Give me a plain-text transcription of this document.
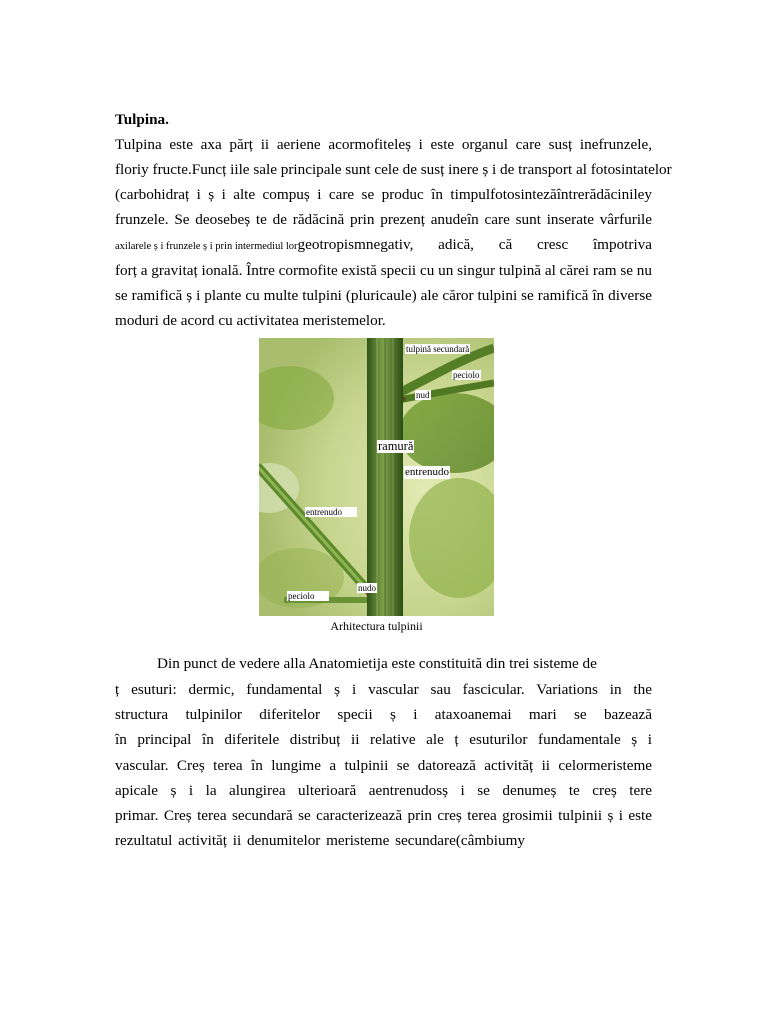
Tulpina.
Tulpina este axa părț ii aeriene acormofiteleș i este organul care susț inefrunzele,
floriy fructe.Funcț iile sale principale sunt cele de susț inere ș i de transport al fotosintatelor
(carbohidraț i ș i alte compuș i care se produc în timpulfotosintezăîntrerădăciniley
frunzele. Se deosebeș te de rădăcină prin prezenț anudeîn care sunt inserate vârfurile
axilarele ș i frunzele ș i prin intermediul lor geotropismnegativ, adică, că cresc împotriva
forț a gravitaț ională. Între cormofite există specii cu un singur tulpină al cărei ram se nu
se ramifică ș i plante cu multe tulpini (pluricaule) ale căror tulpini se ramifică în diverse
moduri de acord cu activitatea meristemelor.
tulpină secundară
peciolo
nud
ramură
entrenudo
entrenudo
nudo
peciolo
Arhitectura tulpinii
Din punct de vedere alla Anatomietija este constituită din trei sisteme de
ț esuturi: dermic, fundamental ș i vascular sau fascicular. Variations in the
structura tulpinilor diferitelor specii ș i ataxoanemai mari se bazează
în principal în diferitele distribuț ii relative ale ț esuturilor fundamentale ș i
vascular. Creș terea în lungime a tulpinii se datorează activităț ii celormeristeme
apicale ș i la alungirea ulterioară aentrenudosș i se denumeș te creș tere
primar. Creș terea secundară se caracterizează prin creș terea grosimii tulpinii ș i este
rezultatul activităț ii denumitelor meristeme secundare(câmbiumy
